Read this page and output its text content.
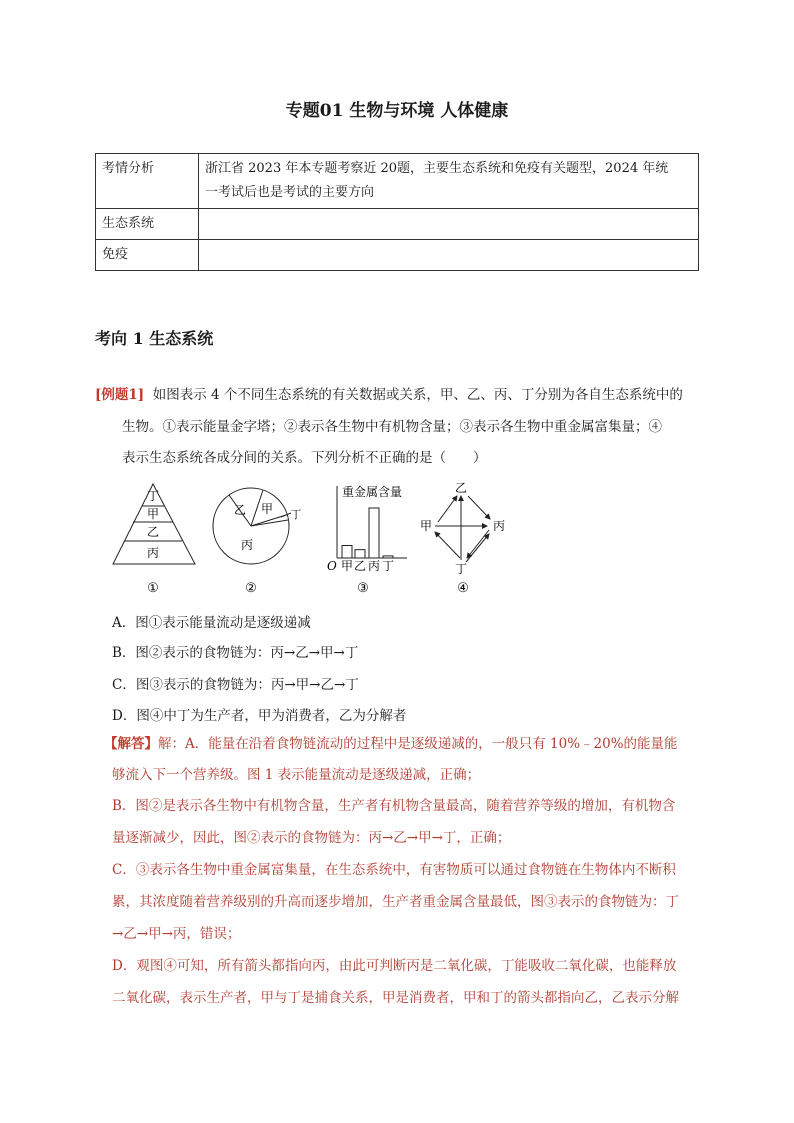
专题01 生物与环境 人体健康
考情分析	浙江省 2023 年本专题考察近 20题，主要生态系统和免疫有关题型，2024 年统
一考试后也是考试的主要方向

生态系统	
免疫	
考向 1 生态系统
[例题1] 如图表示 4 个不同生态系统的有关数据或关系，甲、乙、丙、丁分别为各自生态系统中的
生物。①表示能量金字塔；②表示各生物中有机物含量；③表示各生物中重金属富集量；④
表示生态系统各成分间的关系。下列分析不正确的是（　　）
丁
甲
乙
丙
①
乙 甲 丁
丙
②
重金属含量
O 甲 乙 丙 丁
③
乙
甲	丙
丁
④
A．图①表示能量流动是逐级递减
B．图②表示的食物链为：丙→乙→甲→丁
C．图③表示的食物链为：丙→甲→乙→丁
D．图④中丁为生产者，甲为消费者，乙为分解者
【解答】解：A．能量在沿着食物链流动的过程中是逐级递减的，一般只有 10%﹣20%的能量能
够流入下一个营养级。图 1 表示能量流动是逐级递减，正确；
B．图②是表示各生物中有机物含量，生产者有机物含量最高，随着营养等级的增加，有机物含
量逐渐减少，因此，图②表示的食物链为：丙→乙→甲→丁，正确；
C．③表示各生物中重金属富集量，在生态系统中，有害物质可以通过食物链在生物体内不断积
累，其浓度随着营养级别的升高而逐步增加，生产者重金属含量最低，图③表示的食物链为：丁
→乙→甲→丙，错误；
D．观图④可知，所有箭头都指向丙，由此可判断丙是二氧化碳，丁能吸收二氧化碳，也能释放
二氧化碳，表示生产者，甲与丁是捕食关系，甲是消费者，甲和丁的箭头都指向乙，乙表示分解
